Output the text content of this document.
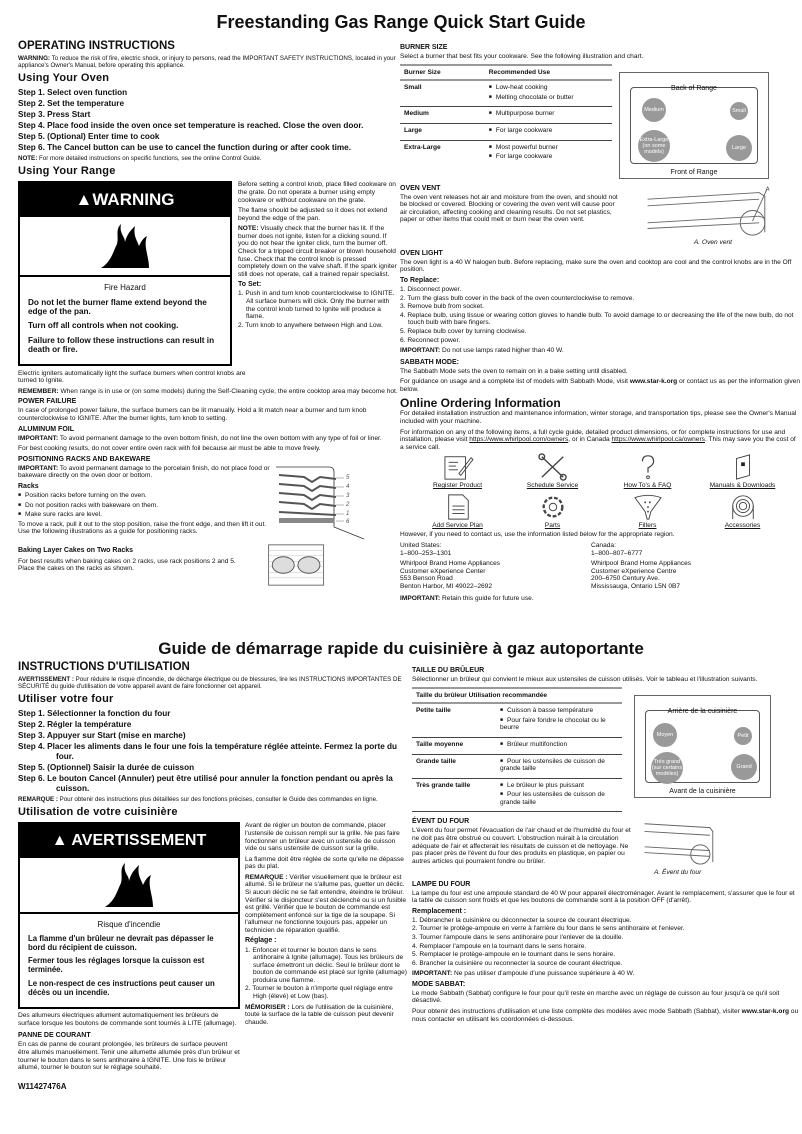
Freestanding Gas Range Quick Start Guide
OPERATING INSTRUCTIONS

WARNING: To reduce the risk of fire, electric shock, or injury to persons, read the IMPORTANT SAFETY INSTRUCTIONS, located in your appliance's Owner's Manual, before operating this appliance.

Using Your Oven
Step 1. Select oven function
Step 2. Set the temperature
Step 3. Press Start
Step 4. Place food inside the oven once set temperature is reached. Close the oven door.
Step 5. (Optional) Enter time to cook
Step 6. The Cancel button can be use to cancel the function during or after cook time.

NOTE: For more detailed instructions on specific functions, see the online Control Guide.

Using Your Range
▲WARNING
Fire Hazard
Do not let the burner flame extend beyond the edge of the pan.
Turn off all controls when not cooking.
Failure to follow these instructions can result in death or fire.

Before setting a control knob, place filled cookware on the grate. Do not operate a burner using empty cookware or without cookware on the grate.

The flame should be adjusted so it does not extend beyond the edge of the pan.

NOTE: Visually check that the burner has lit. If the burner does not ignite, listen for a clicking sound. If you do not hear the igniter click, turn the burner off. Check for a tripped circuit breaker or blown household fuse. Check that the control knob is pressed completely down on the valve shaft. If the spark igniter still does not operate, call a trained repair specialist.

To Set:
1. Push in and turn knob counterclockwise to IGNITE. All surface burners will click. Only the burner with the control knob turned to Ignite will produce a flame.
2. Turn knob to anywhere between High and Low.

Electric igniters automatically light the surface burners when control knobs are turned to Ignite.

REMEMBER: When range is in use or (on some models) during the Self-Cleaning cycle, the entire cooktop area may become hot.

POWER FAILURE

In case of prolonged power failure, the surface burners can be lit manually. Hold a lit match near a burner and turn knob counterclockwise to IGNITE. After the burner lights, turn knob to setting.

ALUMINUM FOIL

IMPORTANT: To avoid permanent damage to the oven bottom finish, do not line the oven bottom with any type of foil or liner.

For best cooking results, do not cover entire oven rack with foil because air must be able to move freely.

POSITIONING RACKS AND BAKEWARE

IMPORTANT: To avoid permanent damage to the porcelain finish, do not place food or bakeware directly on the oven door or bottom.

Racks
■ Position racks before turning on the oven.
■ Do not position racks with bakeware on them.
■ Make sure racks are level.

To move a rack, pull it out to the stop position, raise the front edge, and then lift it out. Use the following illustrations as a guide for positioning racks.

5
4
3
2
1
6
Baking Layer Cakes on Two Racks

For best results when baking cakes on 2 racks, use rack positions 2 and 5. Place the cakes on the racks as shown.

BURNER SIZE

Select a burner that best fits your cookware. See the following illustration and chart.

Burner Size	Recommended Use
Small	■ Low-heat cooking
■ Melting chocolate or butter

Medium	■ Multipurpose burner

Large	■ For large cookware

Extra-Large	■ Most powerful burner
■ For large cookware
Back of Range
Front of Range
Medium	Small
Extra-Large (on some models)
Large
OVEN VENT

The oven vent releases hot air and moisture from the oven, and should not be blocked or covered. Blocking or covering the oven vent will cause poor air circulation, affecting cooking and cleaning results. Do not set plastics, paper or other items that could melt or burn near the oven vent.

A
A. Oven vent
OVEN LIGHT

The oven light is a 40 W halogen bulb. Before replacing, make sure the oven and cooktop are cool and the control knobs are in the Off position.

To Replace:
1. Disconnect power.
2. Turn the glass bulb cover in the back of the oven counterclockwise to remove.
3. Remove bulb from socket.
4. Replace bulb, using tissue or wearing cotton gloves to handle bulb. To avoid damage to or decreasing the life of the new bulb, do not touch bulb with bare fingers.
5. Replace bulb cover by turning clockwise.
6. Reconnect power.

IMPORTANT: Do not use lamps rated higher than 40 W.

SABBATH MODE:

The Sabbath Mode sets the oven to remain on in a bake setting until disabled.

For guidance on usage and a complete list of models with Sabbath Mode, visit www.star-k.org or contact us as per the information given below.

Online Ordering Information

For detailed installation instruction and maintenance information, winter storage, and transportation tips, please see the Owner's Manual included with your machine.

For information on any of the following items, a full cycle guide, detailed product dimensions, or for complete instructions for use and installation, please visit https://www.whirlpool.com/owners, or in Canada https://www.whirlpool.ca/owners. This may save you the cost of a service call.

Register Product	Schedule Service	How To's & FAQ	Manuals & Downloads
Add Service Plan	Parts	Filters	Accessories

However, if you need to contact us, use the information listed below for the appropriate region.

United States:
1–800–253–1301
Whirlpool Brand Home Appliances
Customer eXperience Center
553 Benson Road
Benton Harbor, MI 49022–2692
Canada:
1–800–807–6777
Whirlpool Brand Home Appliances
Customer eXperience Centre
200–6750 Century Ave.
Mississauga, Ontario L5N 0B7

IMPORTANT: Retain this guide for future use.

Guide de démarrage rapide du cuisinière à gaz autoportante
INSTRUCTIONS D'UTILISATION

AVERTISSEMENT : Pour réduire le risque d'incendie, de décharge électrique ou de blessures, lire les INSTRUCTIONS IMPORTANTES DE SÉCURITÉ du guide d'utilisation de votre appareil avant de faire fonctionner cet appareil.

Utiliser votre four
Step 1. Sélectionner la fonction du four
Step 2. Régler la température
Step 3. Appuyer sur Start (mise en marche)
Step 4. Placer les aliments dans le four une fois la température réglée atteinte. Fermez la porte du four.
Step 5. (Optionnel) Saisir la durée de cuisson
Step 6. Le bouton Cancel (Annuler) peut être utilisé pour annuler la fonction pendant ou après la cuisson.

REMARQUE : Pour obtenir des instructions plus détaillées sur des fonctions précises, consulter le Guide des commandes en ligne.

Utilisation de votre cuisinière
▲ AVERTISSEMENT
Risque d'incendie
La flamme d'un brûleur ne devrait pas dépasser le bord du récipient de cuisson.
Fermer tous les réglages lorsque la cuisson est terminée.
Le non-respect de ces instructions peut causer un décès ou un incendie.

Des allumeurs électriques allument automatiquement les brûleurs de surface lorsque les boutons de commande sont tournés à LITE (allumage).

PANNE DE COURANT

En cas de panne de courant prolongée, les brûleurs de surface peuvent être allumés manuellement. Tenir une allumette allumée près d'un brûleur et tourner le bouton dans le sens antihoraire à IGNITE. Une fois le brûleur allumé, tourner le bouton sur le réglage souhaité.

W11427476A

Avant de régler un bouton de commande, placer l'ustensile de cuisson rempli sur la grille. Ne pas faire fonctionner un brûleur avec un ustensile de cuisson vide ou sans ustensile de cuisson sur la grille.

La flamme doit être réglée de sorte qu'elle ne dépasse pas du plat.

REMARQUE : Vérifier visuellement que le brûleur est allumé. Si le brûleur ne s'allume pas, guetter un déclic. Si aucun déclic ne se fait entendre, éteindre le brûleur. Vérifier si le disjoncteur s'est déclenché ou si un fusible est grillé. Vérifier que le bouton de commande est complètement enfoncé sur la tige de la soupape. Si l'allumeur ne fonctionne toujours pas, appeler un technicien de réparation qualifié.

Réglage :
1. Enfoncer et tourner le bouton dans le sens antihoraire à Ignite (allumage). Tous les brûleurs de surface émettront un déclic. Seul le brûleur dont le bouton de commande est placé sur Ignite (allumage) produira une flamme.
2. Tourner le bouton à n'importe quel réglage entre High (élevé) et Low (bas).

MÉMORISER : Lors de l'utilisation de la cuisinière, toute la surface de la table de cuisson peut devenir chaude.

TAILLE DU BRÛLEUR

Sélectionner un brûleur qui convient le mieux aux ustensiles de cuisson utilisés. Voir le tableau et l'illustration suivants.

Taille du brûleur Utilisation recommandée	
Petite taille	■ Cuisson à basse température
■ Pour faire fondre le chocolat ou le beurre

Taille moyenne	■ Brûleur multifonction

Grande taille	■ Pour les ustensiles de cuisson de grande taille

Très grande taille	■ Le brûleur le plus puissant
■ Pour les ustensiles de cuisson de grande taille
Arrière de la cuisinière
Avant de la cuisinière
Moyen	Petit
Très grand (sur certains modèles)
Grand
ÉVENT DU FOUR

L'évent du four permet l'évacuation de l'air chaud et de l'humidité du four et ne doit pas être obstrué ou couvert. L'obstruction nuirait à la circulation adéquate de l'air et affecterait les résultats de cuisson et de nettoyage. Ne pas placer près de l'évent du four des produits en plastique, en papier ou autres articles qui pourraient fondre ou brûler.

A. Évent du four
LAMPE DU FOUR

La lampe du four est une ampoule standard de 40 W pour appareil électroménager. Avant le remplacement, s'assurer que le four et la table de cuisson sont froids et que les boutons de commande sont à la position OFF (d'arrêt).

Remplacement :
1. Débrancher la cuisinière ou déconnecter la source de courant électrique.
2. Tourner le protège-ampoule en verre à l'arrière du four dans le sens antihoraire et l'enlever.
3. Tourner l'ampoule dans le sens antihoraire pour l'enlever de la douille.
4. Remplacer l'ampoule en la tournant dans le sens horaire.
5. Remplacer le protège-ampoule en le tournant dans le sens horaire.
6. Brancher la cuisinière ou reconnecter la source de courant électrique.

IMPORTANT: Ne pas utiliser d'ampoule d'une puissance supérieure à 40 W.

MODE SABBAT:

Le mode Sabbath (Sabbat) configure le four pour qu'il reste en marche avec un réglage de cuisson au four jusqu'à ce qu'il soit désactivé.

Pour obtenir des instructions d'utilisation et une liste complète des modèles avec mode Sabbath (Sabbat), visiter www.star-k.org ou nous contacter en utilisant les coordonnées ci-dessous.
